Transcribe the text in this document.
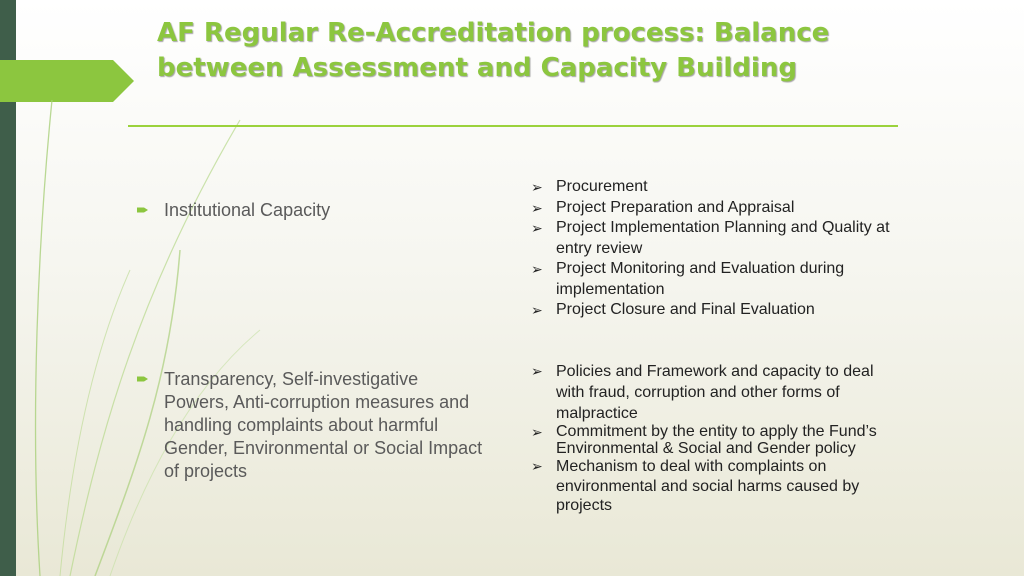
AF Regular Re-Accreditation process: Balance between Assessment and Capacity Building
Institutional Capacity
➢ Procurement
➢ Project Preparation and Appraisal
➢ Project Implementation Planning and Quality at entry review
➢ Project Monitoring and Evaluation during implementation
➢ Project Closure and Final Evaluation
Transparency, Self-investigative Powers, Anti-corruption measures and handling complaints about harmful Gender, Environmental or Social Impact of projects
➢ Policies and Framework and capacity to deal with fraud, corruption and other forms of malpractice
➢ Commitment by the entity to apply the Fund’s Environmental & Social and Gender policy
➢ Mechanism to deal with complaints on environmental and social harms caused by projects
